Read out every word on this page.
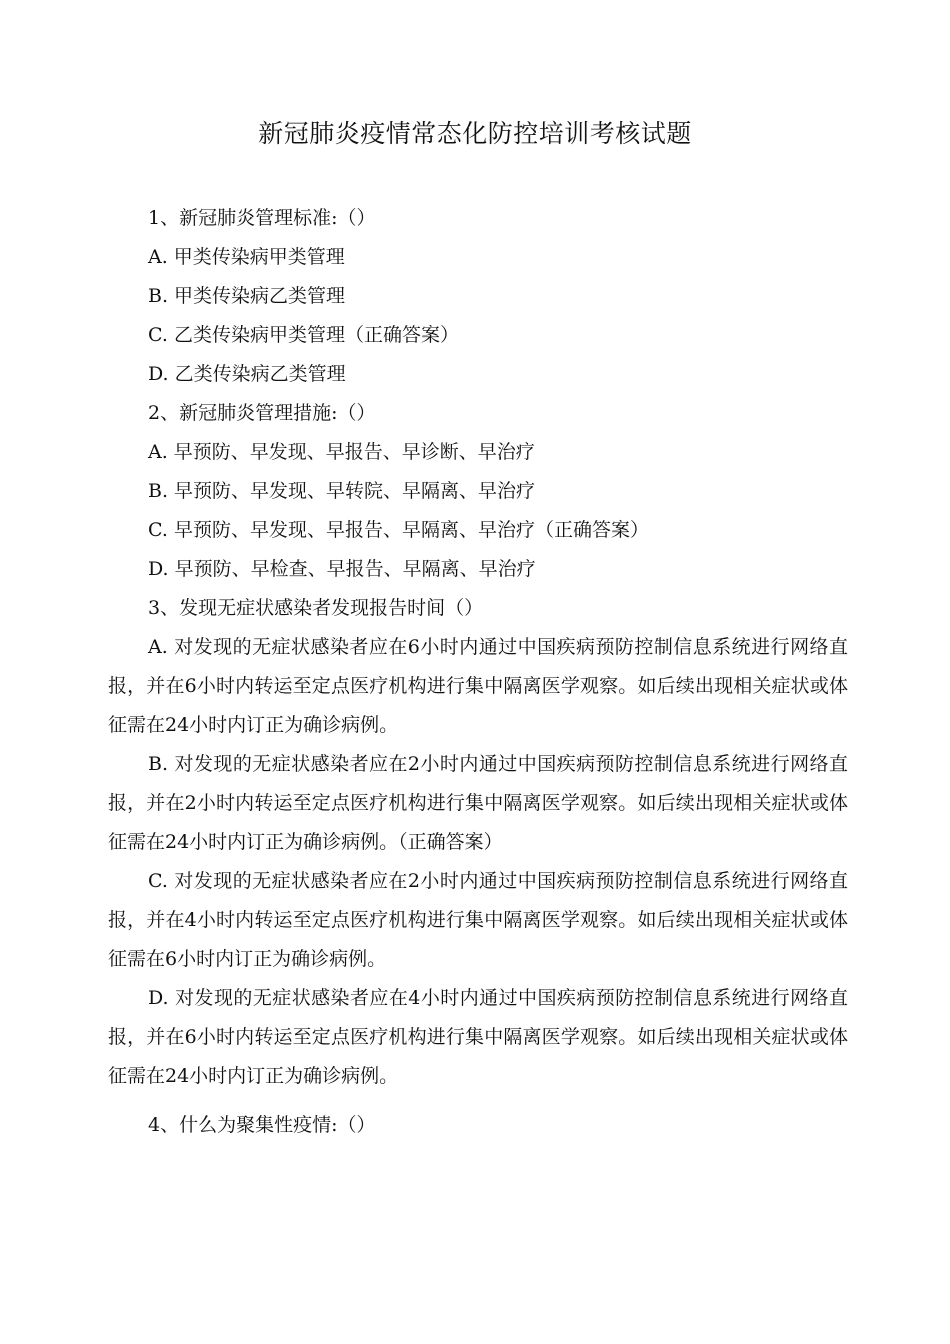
新冠肺炎疫情常态化防控培训考核试题

1、新冠肺炎管理标准:（）

A. 甲类传染病甲类管理

B. 甲类传染病乙类管理

C. 乙类传染病甲类管理（正确答案）

D. 乙类传染病乙类管理

2、新冠肺炎管理措施:（）

A. 早预防、早发现、早报告、早诊断、早治疗

B. 早预防、早发现、早转院、早隔离、早治疗

C. 早预防、早发现、早报告、早隔离、早治疗（正确答案）

D. 早预防、早检查、早报告、早隔离、早治疗

3、发现无症状感染者发现报告时间（）

A. 对发现的无症状感染者应在6小时内通过中国疾病预防控制信息系统进行网络直报，并在6小时内转运至定点医疗机构进行集中隔离医学观察。如后续出现相关症状或体征需在24小时内订正为确诊病例。

B. 对发现的无症状感染者应在2小时内通过中国疾病预防控制信息系统进行网络直报，并在2小时内转运至定点医疗机构进行集中隔离医学观察。如后续出现相关症状或体征需在24小时内订正为确诊病例。（正确答案）

C. 对发现的无症状感染者应在2小时内通过中国疾病预防控制信息系统进行网络直报，并在4小时内转运至定点医疗机构进行集中隔离医学观察。如后续出现相关症状或体征需在6小时内订正为确诊病例。

D. 对发现的无症状感染者应在4小时内通过中国疾病预防控制信息系统进行网络直报，并在6小时内转运至定点医疗机构进行集中隔离医学观察。如后续出现相关症状或体征需在24小时内订正为确诊病例。

4、什么为聚集性疫情:（）
